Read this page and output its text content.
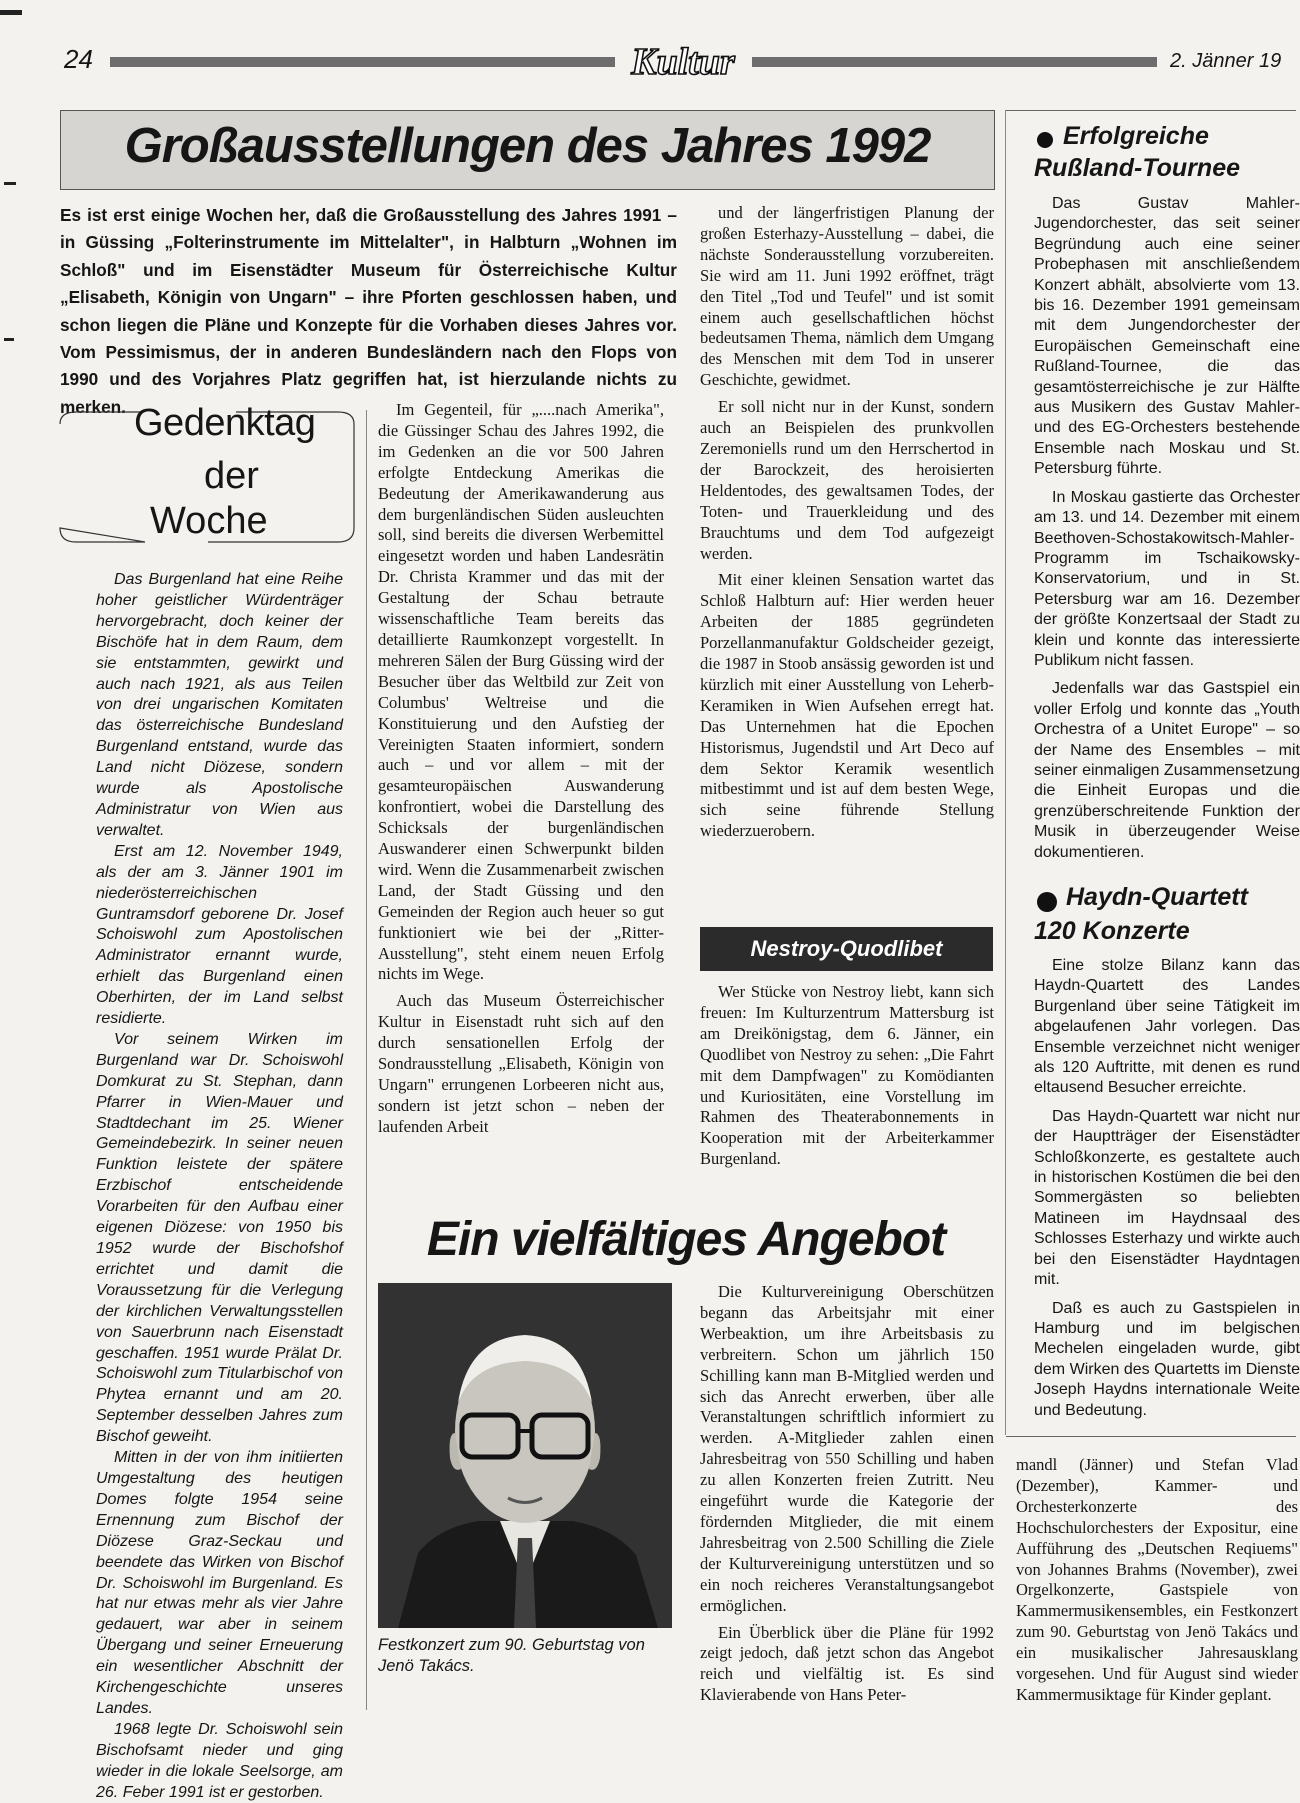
24	Kultur	2. Jänner 19
Großausstellungen des Jahres 1992
Es ist erst einige Wochen her, daß die Großausstellung des Jahres 1991 – in Güssing „Folterinstrumente im Mittelalter", in Halbturn „Wohnen im Schloß" und im Eisenstädter Museum für Österreichische Kultur „Elisabeth, Königin von Ungarn" – ihre Pforten geschlossen haben, und schon liegen die Pläne und Konzepte für die Vorhaben dieses Jahres vor. Vom Pessimismus, der in anderen Bundesländern nach den Flops von 1990 und des Vorjahres Platz gegriffen hat, ist hierzulande nichts zu merken. Gedenktag
der
Woche

Das Burgenland hat eine Reihe hoher geistlicher Würdenträger hervorgebracht, doch keiner der Bischöfe hat in dem Raum, dem sie entstammten, gewirkt und auch nach 1921, als aus Teilen von drei ungarischen Komitaten das österreichische Bundesland Burgenland entstand, wurde das Land nicht Diözese, sondern wurde als Apostolische Administratur von Wien aus verwaltet.

Erst am 12. November 1949, als der am 3. Jänner 1901 im niederösterreichischen Guntramsdorf geborene Dr. Josef Schoiswohl zum Apostolischen Administrator ernannt wurde, erhielt das Burgenland einen Oberhirten, der im Land selbst residierte.

Vor seinem Wirken im Burgenland war Dr. Schoiswohl Domkurat zu St. Stephan, dann Pfarrer in Wien-Mauer und Stadtdechant im 25. Wiener Gemeindebezirk. In seiner neuen Funktion leistete der spätere Erzbischof entscheidende Vorarbeiten für den Aufbau einer eigenen Diözese: von 1950 bis 1952 wurde der Bischofshof errichtet und damit die Voraussetzung für die Verlegung der kirchlichen Verwaltungsstellen von Sauerbrunn nach Eisenstadt geschaffen. 1951 wurde Prälat Dr. Schoiswohl zum Titularbischof von Phytea ernannt und am 20. September desselben Jahres zum Bischof geweiht.

Mitten in der von ihm initiierten Umgestaltung des heutigen Domes folgte 1954 seine Ernennung zum Bischof der Diözese Graz-Seckau und beendete das Wirken von Bischof Dr. Schoiswohl im Burgenland. Es hat nur etwas mehr als vier Jahre gedauert, war aber in seinem Übergang und seiner Erneuerung ein wesentlicher Abschnitt der Kirchengeschichte unseres Landes.

1968 legte Dr. Schoiswohl sein Bischofsamt nieder und ging wieder in die lokale Seelsorge, am 26. Feber 1991 ist er gestorben.

Im Gegenteil, für „....nach Amerika", die Güssinger Schau des Jahres 1992, die im Gedenken an die vor 500 Jahren erfolgte Entdeckung Amerikas die Bedeutung der Amerikawanderung aus dem burgenländischen Süden ausleuchten soll, sind bereits die diversen Werbemittel eingesetzt worden und haben Landesrätin Dr. Christa Krammer und das mit der Gestaltung der Schau betraute wissenschaftliche Team bereits das detaillierte Raumkonzept vorgestellt. In mehreren Sälen der Burg Güssing wird der Besucher über das Weltbild zur Zeit von Columbus' Weltreise und die Konstituierung und den Aufstieg der Vereinigten Staaten informiert, sondern auch – und vor allem – mit der gesamteuropäischen Auswanderung konfrontiert, wobei die Darstellung des Schicksals der burgenländischen Auswanderer einen Schwerpunkt bilden wird. Wenn die Zusammenarbeit zwischen Land, der Stadt Güssing und den Gemeinden der Region auch heuer so gut funktioniert wie bei der „Ritter-Ausstellung", steht einem neuen Erfolg nichts im Wege.

Auch das Museum Österreichischer Kultur in Eisenstadt ruht sich auf den durch sensationellen Erfolg der Sondrausstellung „Elisabeth, Königin von Ungarn" errungenen Lorbeeren nicht aus, sondern ist jetzt schon – neben der laufenden Arbeit

und der längerfristigen Planung der großen Esterhazy-Ausstellung – dabei, die nächste Sonderausstellung vorzubereiten. Sie wird am 11. Juni 1992 eröffnet, trägt den Titel „Tod und Teufel" und ist somit einem auch gesellschaftlichen höchst bedeutsamen Thema, nämlich dem Umgang des Menschen mit dem Tod in unserer Geschichte, gewidmet.

Er soll nicht nur in der Kunst, sondern auch an Beispielen des prunkvollen Zeremoniells rund um den Herrschertod in der Barockzeit, des heroisierten Heldentodes, des gewaltsamen Todes, der Toten- und Trauerkleidung und des Brauchtums und dem Tod aufgezeigt werden.

Mit einer kleinen Sensation wartet das Schloß Halbturn auf: Hier werden heuer Arbeiten der 1885 gegründeten Porzellanmanufaktur Goldscheider gezeigt, die 1987 in Stoob ansässig geworden ist und kürzlich mit einer Ausstellung von Leherb-Keramiken in Wien Aufsehen erregt hat. Das Unternehmen hat die Epochen Historismus, Jugendstil und Art Deco auf dem Sektor Keramik wesentlich mitbestimmt und ist auf dem besten Wege, sich seine führende Stellung wiederzuerobern.

Nestroy-Quodlibet

Wer Stücke von Nestroy liebt, kann sich freuen: Im Kulturzentrum Mattersburg ist am Dreikönigstag, dem 6. Jänner, ein Quodlibet von Nestroy zu sehen: „Die Fahrt mit dem Dampfwagen" zu Komödianten und Kuriositäten, eine Vorstellung im Rahmen des Theaterabonnements in Kooperation mit der Arbeiterkammer Burgenland.

Ein vielfältiges Angebot
Festkonzert zum 90. Geburtstag von Jenö Takács.

Die Kulturvereinigung Oberschützen begann das Arbeitsjahr mit einer Werbeaktion, um ihre Arbeitsbasis zu verbreitern. Schon um jährlich 150 Schilling kann man B-Mitglied werden und sich das Anrecht erwerben, über alle Veranstaltungen schriftlich informiert zu werden. A-Mitglieder zahlen einen Jahresbeitrag von 550 Schilling und haben zu allen Konzerten freien Zutritt. Neu eingeführt wurde die Kategorie der fördernden Mitglieder, die mit einem Jahresbeitrag von 2.500 Schilling die Ziele der Kulturvereinigung unterstützen und so ein noch reicheres Veranstaltungsangebot ermöglichen.

Ein Überblick über die Pläne für 1992 zeigt jedoch, daß jetzt schon das Angebot reich und vielfältig ist. Es sind Klavierabende von Hans Peter-

Erfolgreiche
Rußland-Tournee

Das Gustav Mahler-Jugendorchester, das seit seiner Begründung auch eine seiner Probephasen mit anschließendem Konzert abhält, absolvierte vom 13. bis 16. Dezember 1991 gemeinsam mit dem Jungendorchester der Europäischen Gemeinschaft eine Rußland-Tournee, die das gesamtösterreichische je zur Hälfte aus Musikern des Gustav Mahler- und des EG-Orchesters bestehende Ensemble nach Moskau und St. Petersburg führte.

In Moskau gastierte das Orchester am 13. und 14. Dezember mit einem Beethoven-Schostakowitsch-Mahler-Programm im Tschaikowsky-Konservatorium, und in St. Petersburg war am 16. Dezember der größte Konzertsaal der Stadt zu klein und konnte das interessierte Publikum nicht fassen.

Jedenfalls war das Gastspiel ein voller Erfolg und konnte das „Youth Orchestra of a Unitet Europe" – so der Name des Ensembles – mit seiner einmaligen Zusammensetzung die Einheit Europas und die grenzüberschreitende Funktion der Musik in überzeugender Weise dokumentieren.

Haydn-Quartett
120 Konzerte

Eine stolze Bilanz kann das Haydn-Quartett des Landes Burgenland über seine Tätigkeit im abgelaufenen Jahr vorlegen. Das Ensemble verzeichnet nicht weniger als 120 Auftritte, mit denen es rund eltausend Besucher erreichte.

Das Haydn-Quartett war nicht nur der Hauptträger der Eisenstädter Schloßkonzerte, es gestaltete auch in historischen Kostümen die bei den Sommergästen so beliebten Matineen im Haydnsaal des Schlosses Esterhazy und wirkte auch bei den Eisenstädter Haydntagen mit.

Daß es auch zu Gastspielen in Hamburg und im belgischen Mechelen eingeladen wurde, gibt dem Wirken des Quartetts im Dienste Joseph Haydns internationale Weite und Bedeutung.

mandl (Jänner) und Stefan Vlad (Dezember), Kammer- und Orchesterkonzerte des Hochschulorchesters der Expositur, eine Aufführung des „Deutschen Reqiuems" von Johannes Brahms (November), zwei Orgelkonzerte, Gastspiele von Kammermusikensembles, ein Festkonzert zum 90. Geburtstag von Jenö Takács und ein musikalischer Jahresausklang vorgesehen. Und für August sind wieder Kammermusiktage für Kinder geplant.
